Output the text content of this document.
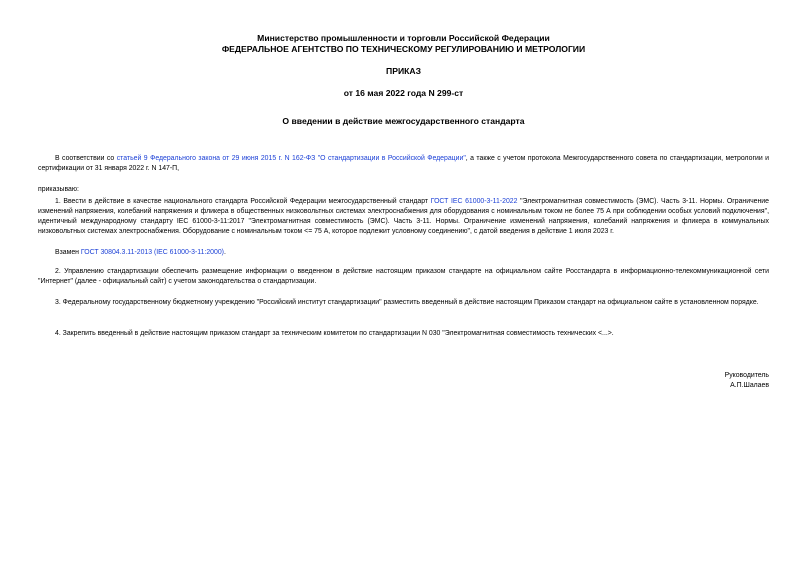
Министерство промышленности и торговли Российской Федерации
ФЕДЕРАЛЬНОЕ АГЕНТСТВО ПО ТЕХНИЧЕСКОМУ РЕГУЛИРОВАНИЮ И МЕТРОЛОГИИ
ПРИКАЗ
от 16 мая 2022 года N 299-ст
О введении в действие межгосударственного стандарта
В соответствии со статьей 9 Федерального закона от 29 июня 2015 г. N 162-ФЗ "О стандартизации в Российской Федерации", а также с учетом протокола Межгосударственного совета по стандартизации, метрологии и сертификации от 31 января 2022 г. N 147-П,
приказываю:
1. Ввести в действие в качестве национального стандарта Российской Федерации межгосударственный стандарт ГОСТ IEC 61000-3-11-2022 "Электромагнитная совместимость (ЭМС). Часть 3-11. Нормы. Ограничение изменений напряжения, колебаний напряжения и фликера в общественных низковольтных системах электроснабжения для оборудования с номинальным током не более 75 А при соблюдении особых условий подключения", идентичный международному стандарту IEC 61000-3-11:2017 "Электромагнитная совместимость (ЭМС). Часть 3-11. Нормы. Ограничение изменений напряжения, колебаний напряжения и фликера в коммунальных низковольтных системах электроснабжения. Оборудование с номинальным током <= 75 А, которое подлежит условному соединению", с датой введения в действие 1 июля 2023 г.
Взамен ГОСТ 30804.3.11-2013 (IEC 61000-3-11:2000).
2. Управлению стандартизации обеспечить размещение информации о введенном в действие настоящим приказом стандарте на официальном сайте Росстандарта в информационно-телекоммуникационной сети "Интернет" (далее - официальный сайт) с учетом законодательства о стандартизации.
3. Федеральному государственному бюджетному учреждению "Российский институт стандартизации" разместить введенный в действие настоящим Приказом стандарт на официальном сайте в установленном порядке.
4. Закрепить введенный в действие настоящим приказом стандарт за техническим комитетом по стандартизации N 030 "Электромагнитная совместимость технических <...>.
Руководитель
А.П.Шалаев
